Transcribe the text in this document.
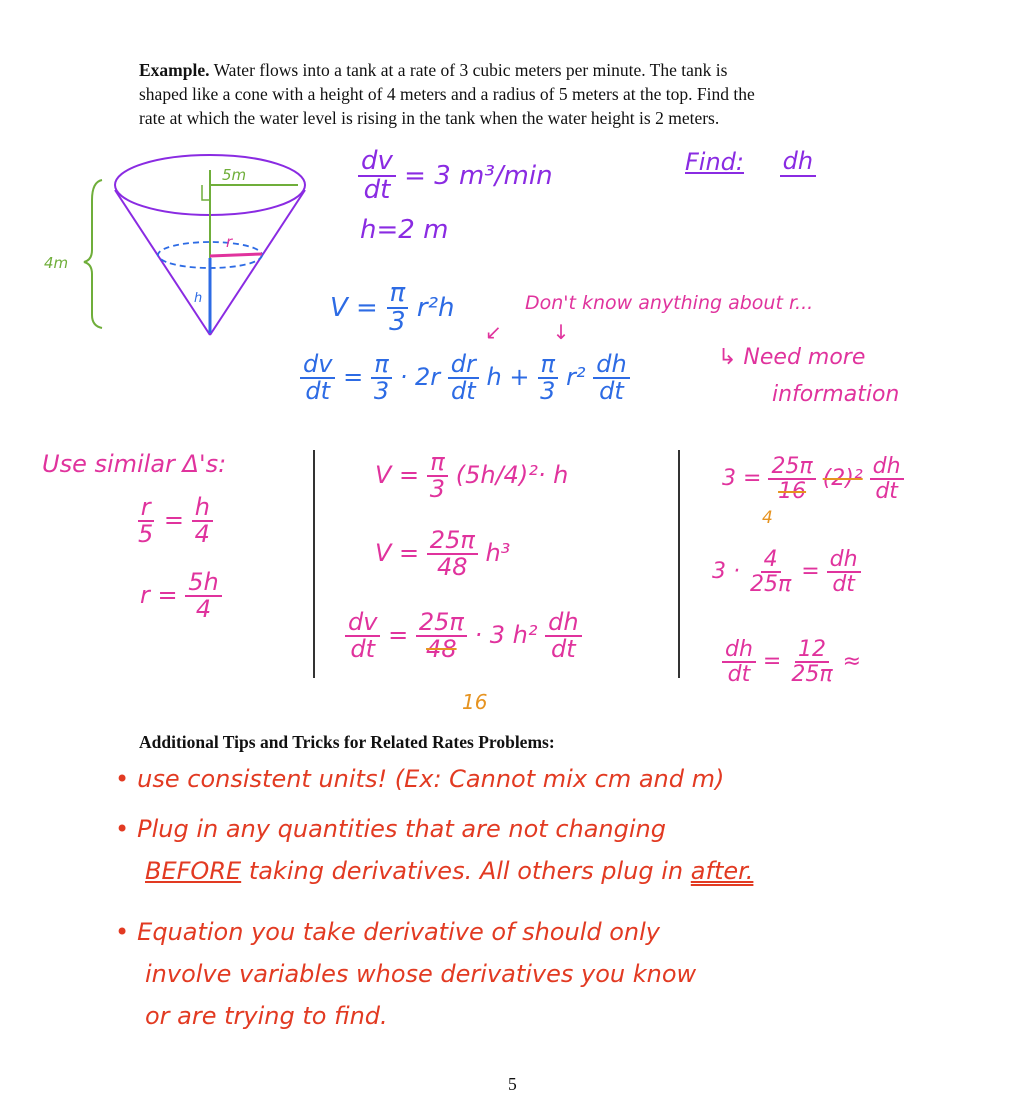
Example. Water flows into a tank at a rate of 3 cubic meters per minute. The tank is
shaped like a cone with a height of 4 meters and a radius of 5 meters at the top. Find the
rate at which the water level is rising in the tank when the water height is 2 meters.
5m
4m
r
h
$\frac{dv}{dt} = 3$ m³/min
h=2 m
Find: dh
$V = \frac{\pi}{3} r^2h$	Don't know anything about r...
↙        ↓
↳ Need more
information
$\frac{dv}{dt} = \frac{\pi}{3} \cdot 2r \frac{dr}{dt}$ $h + \frac{\pi}{3} r^2 \frac{dh}{dt}$
Use similar Δ's:
$\frac{r}{5} = \frac{h}{4}$
$r = \frac{5h}{4}$
$V = \frac{\pi}{3} (5h/4)^2\cdot h$
$V = \frac{25\pi}{48} h^3$
$\frac{dv}{dt} = \frac{25\pi}{48} \cdot 3$ $h^2 \frac{dh}{dt}$
16
$3 = \frac{25\pi}{16} (2)^2 \frac{dh}{dt}$
4
$3 \cdot \frac{4}{25\pi} = \frac{dh}{dt}$
$\frac{dh}{dt} = \frac{12}{25\pi}$ ≈
Additional Tips and Tricks for Related Rates Problems:
• use consistent units! (Ex: Cannot mix cm and m)
• Plug in any quantities that are not changing
BEFORE taking derivatives. All others plug in after.
• Equation you take derivative of should only
involve variables whose derivatives you know
or are trying to find.
5
